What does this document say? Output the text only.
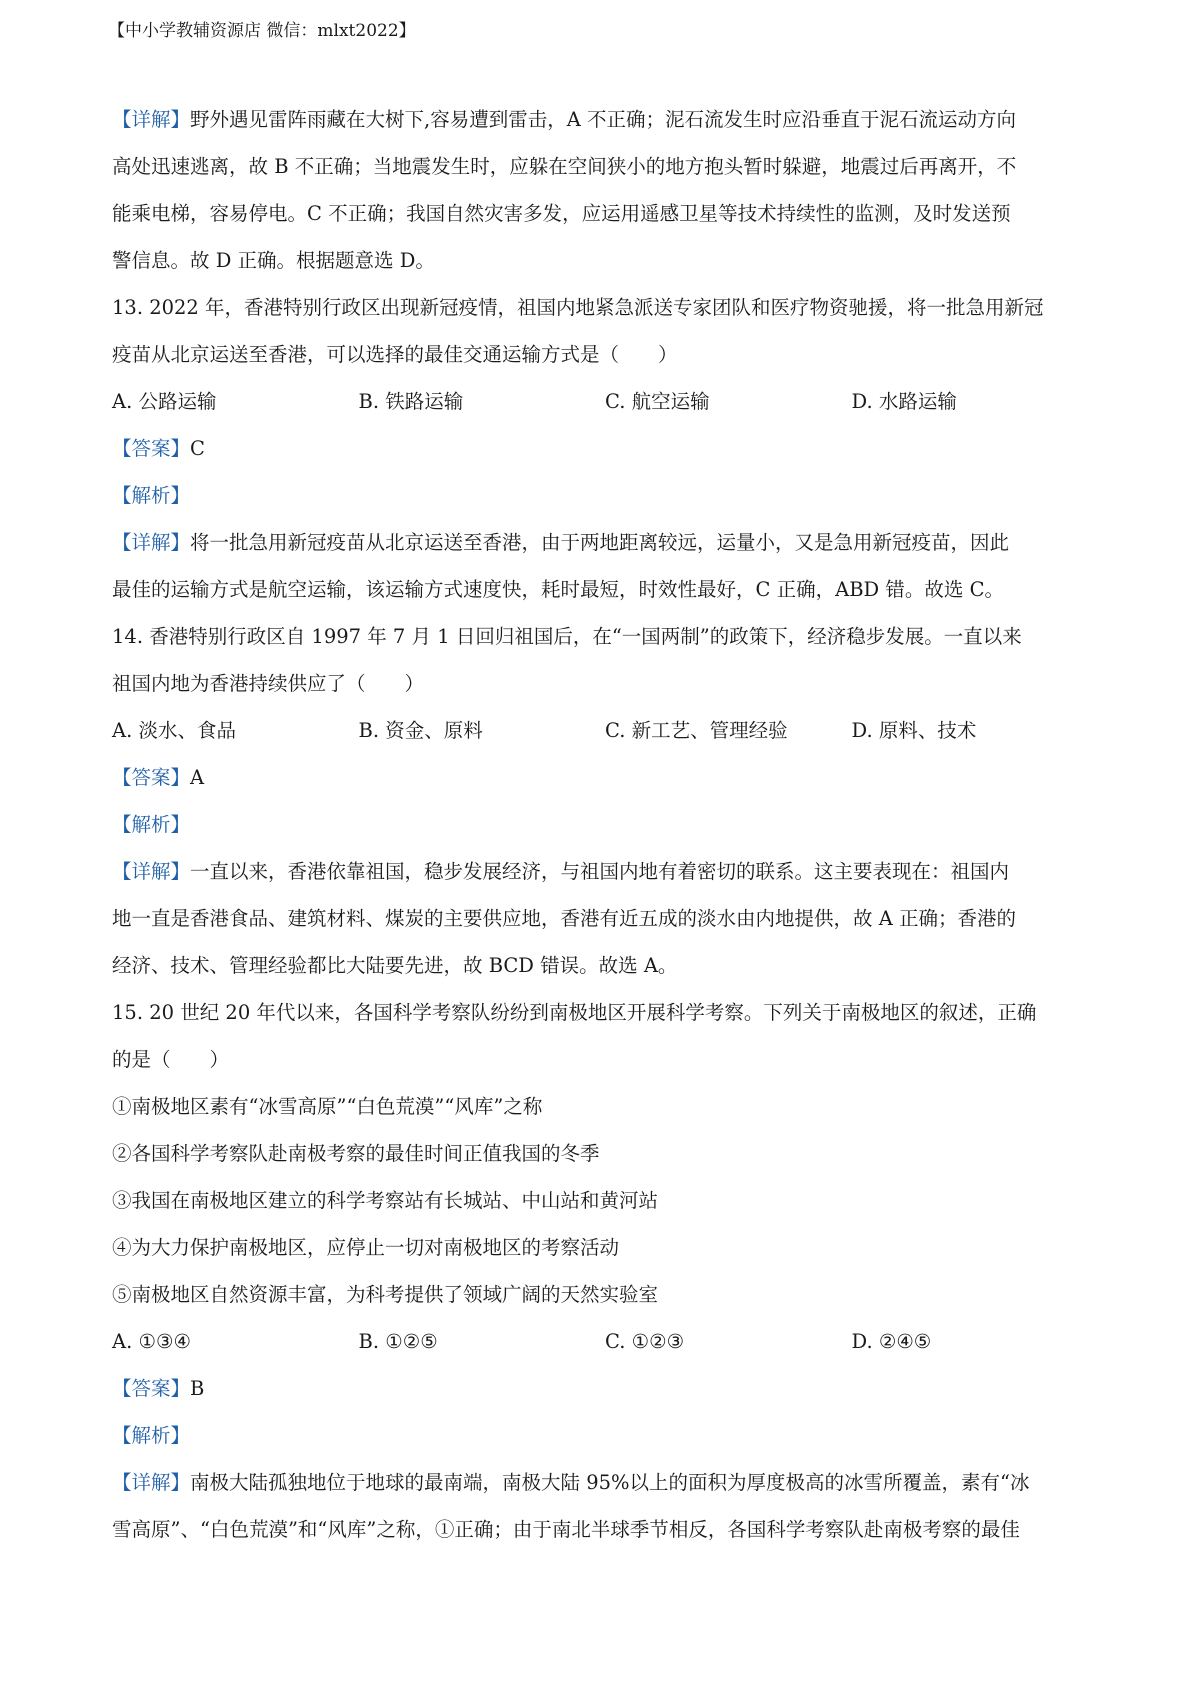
【中小学教辅资源店 微信：mlxt2022】
【详解】野外遇见雷阵雨藏在大树下,容易遭到雷击，A 不正确；泥石流发生时应沿垂直于泥石流运动方向
高处迅速逃离，故 B 不正确；当地震发生时，应躲在空间狭小的地方抱头暂时躲避，地震过后再离开，不
能乘电梯，容易停电。C 不正确；我国自然灾害多发，应运用遥感卫星等技术持续性的监测，及时发送预
警信息。故 D 正确。根据题意选 D。
13. 2022 年，香港特别行政区出现新冠疫情，祖国内地紧急派送专家团队和医疗物资驰援，将一批急用新冠
疫苗从北京运送至香港，可以选择的最佳交通运输方式是（　　）
A. 公路运输	B. 铁路运输	C. 航空运输	D. 水路运输
【答案】C
【解析】
【详解】将一批急用新冠疫苗从北京运送至香港，由于两地距离较远，运量小，又是急用新冠疫苗，因此
最佳的运输方式是航空运输，该运输方式速度快，耗时最短，时效性最好，C 正确，ABD 错。故选 C。
14. 香港特别行政区自 1997 年 7 月 1 日回归祖国后，在“一国两制”的政策下，经济稳步发展。一直以来
祖国内地为香港持续供应了（　　）
A. 淡水、食品	B. 资金、原料	C. 新工艺、管理经验	D. 原料、技术
【答案】A
【解析】
【详解】一直以来，香港依靠祖国，稳步发展经济，与祖国内地有着密切的联系。这主要表现在：祖国内
地一直是香港食品、建筑材料、煤炭的主要供应地，香港有近五成的淡水由内地提供，故 A 正确；香港的
经济、技术、管理经验都比大陆要先进，故 BCD 错误。故选 A。
15. 20 世纪 20 年代以来，各国科学考察队纷纷到南极地区开展科学考察。下列关于南极地区的叙述，正确
的是（　　）
①南极地区素有“冰雪高原”“白色荒漠”“风库”之称
②各国科学考察队赴南极考察的最佳时间正值我国的冬季
③我国在南极地区建立的科学考察站有长城站、中山站和黄河站
④为大力保护南极地区，应停止一切对南极地区的考察活动
⑤南极地区自然资源丰富，为科考提供了领域广阔的天然实验室
A. ①③④	B. ①②⑤	C. ①②③	D. ②④⑤
【答案】B
【解析】
【详解】南极大陆孤独地位于地球的最南端，南极大陆 95%以上的面积为厚度极高的冰雪所覆盖，素有“冰
雪高原”、“白色荒漠”和“风库”之称，①正确；由于南北半球季节相反，各国科学考察队赴南极考察的最佳
